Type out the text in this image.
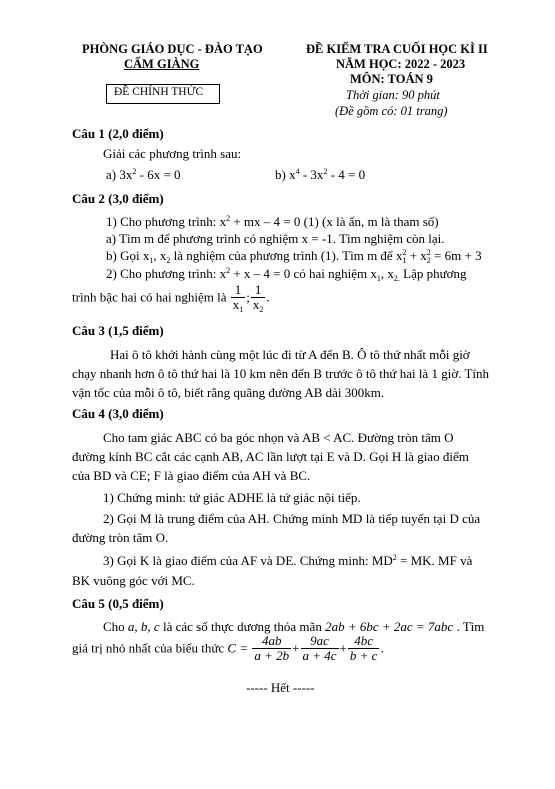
PHÒNG GIÁO DỤC - ĐÀO TẠO
CẨM GIÀNG
ĐỀ CHÍNH THỨC
ĐỀ KIỂM TRA CUỐI HỌC KÌ II
NĂM HỌC: 2022 - 2023
MÔN: TOÁN 9
Thời gian: 90 phút
(Đề gồm có: 01 trang)
Câu 1 (2,0 điểm)
Giải các phương trình sau:
a) $3x^2 - 6x = 0$	b) $x^4 - 3x^2 - 4 = 0$
Câu 2 (3,0 điểm)
1) Cho phương trình: $x^2$ + mx – 4 = 0 (1) (x là ẩn, m là tham số)
a) Tìm m để phương trình có nghiệm x = -1. Tìm nghiệm còn lại.
b) Gọi $x_1$, $x_2$ là nghiệm của phương trình (1). Tìm m để $x_1^2 + x_2^2 = 6m + 3$
2) Cho phương trình: $x^2 + x - 4 = 0$ có hai nghiệm $x_1$, $x_{2.}$ Lập phương
trình bậc hai có hai nghiệm là $\frac{1}{x_1}$ ; $\frac{1}{x_2}$ .
Câu 3 (1,5 điểm)
Hai ô tô khởi hành cùng một lúc đi từ A đến B. Ô tô thứ nhất mỗi giờ
chạy nhanh hơn ô tô thứ hai là 10 km nên đến B trước ô tô thứ hai là 1 giờ. Tính
vận tốc của mỗi ô tô, biết rằng quãng đường AB dài 300km.
Câu 4 (3,0 điểm)
Cho tam giác ABC có ba góc nhọn và AB < AC. Đường tròn tâm O
đường kính BC cắt các cạnh AB, AC lần lượt tại E và D. Gọi H là giao điểm
của BD và CE; F là giao điểm của AH và BC.
1) Chứng minh: tứ giác ADHE là tứ giác nội tiếp.
2) Gọi M là trung điểm của AH. Chứng minh MD là tiếp tuyến tại D của
đường tròn tâm O.
3) Gọi K là giao điểm của AF và DE. Chứng minh: $MD^2$ = MK. MF và
BK vuông góc với MC.
Câu 5 (0,5 điểm)
Cho a, b, c là các số thực dương thỏa mãn 2ab + 6bc + 2ac = 7abc . Tìm
giá trị nhỏ nhất của biểu thức $C = \frac{4ab}{a + 2b} + \frac{9ac}{a + 4c} + \frac{4bc}{b + c}$ .
----- Hết -----
